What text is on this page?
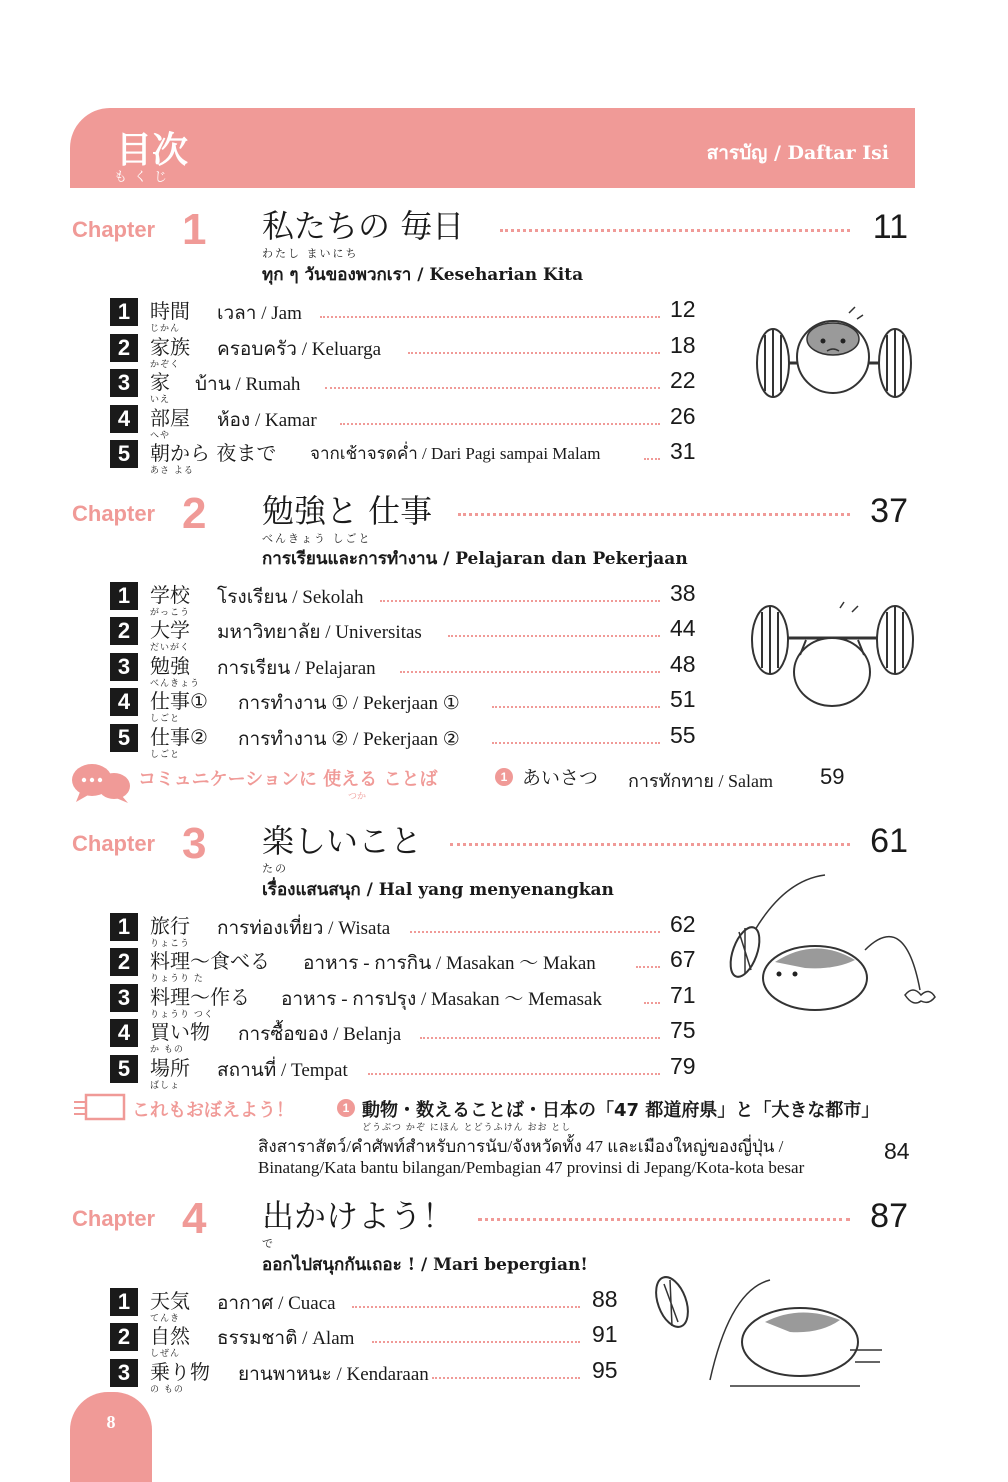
目次
もくじ
สารบัญ / Daftar Isi
Chapter 1 私たちの 毎日
わたし まいにち
11
ทุก ๆ วันของพวกเรา / Keseharian Kita
1 時間
じかん
เวลา / Jam	12
2 家族
かぞく
ครอบครัว / Keluarga	18
3 家
いえ
บ้าน / Rumah	22
4 部屋
へや
ห้อง / Kamar	26
5 朝から 夜まで
あさ よる
จากเช้าจรดค่ำ / Dari Pagi sampai Malam	31
Chapter 2 勉強と 仕事
べんきょう しごと
37
การเรียนและการทำงาน / Pelajaran dan Pekerjaan
1 学校
がっこう
โรงเรียน / Sekolah	38
2 大学
だいがく
มหาวิทยาลัย / Universitas	44
3 勉強
べんきょう
การเรียน / Pelajaran	48
4 仕事①
しごと
การทำงาน ① / Pekerjaan ①	51
5 仕事②
しごと
การทำงาน ② / Pekerjaan ②	55
コミュニケーションに 使える ことば
つか
1 あいさつ การทักทาย / Salam 59
Chapter 3 楽しいこと
たの
61
เรื่องแสนสนุก / Hal yang menyenangkan
1 旅行
りょこう
การท่องเที่ยว / Wisata	62
2 料理〜食べる
りょうり た
อาหาร - การกิน / Masakan ～ Makan	67
3 料理〜作る
りょうり つく
อาหาร - การปรุง / Masakan ～ Memasak	71
4 買い物
か もの
การซื้อของ / Belanja	75
5 場所
ばしょ
สถานที่ / Tempat	79
これもおぼえよう！	1 動物・数えることば・日本の「47 都道府県」と「大きな都市」
どうぶつ かぞ にほん とどうふけん おお とし
สิงสาราสัตว์/คำศัพท์สำหรับการนับ/จังหวัดทั้ง 47 และเมืองใหญ่ของญี่ปุ่น /
Binatang/Kata bantu bilangan/Pembagian 47 provinsi di Jepang/Kota-kota besar
84
Chapter 4 出かけよう！
で
87
ออกไปสนุกกันเถอะ ! / Mari bepergian!
1 天気
てんき
อากาศ / Cuaca	88
2 自然
しぜん
ธรรมชาติ / Alam	91
3 乗り物
の もの
ยานพาหนะ / Kendaraan	95
8
